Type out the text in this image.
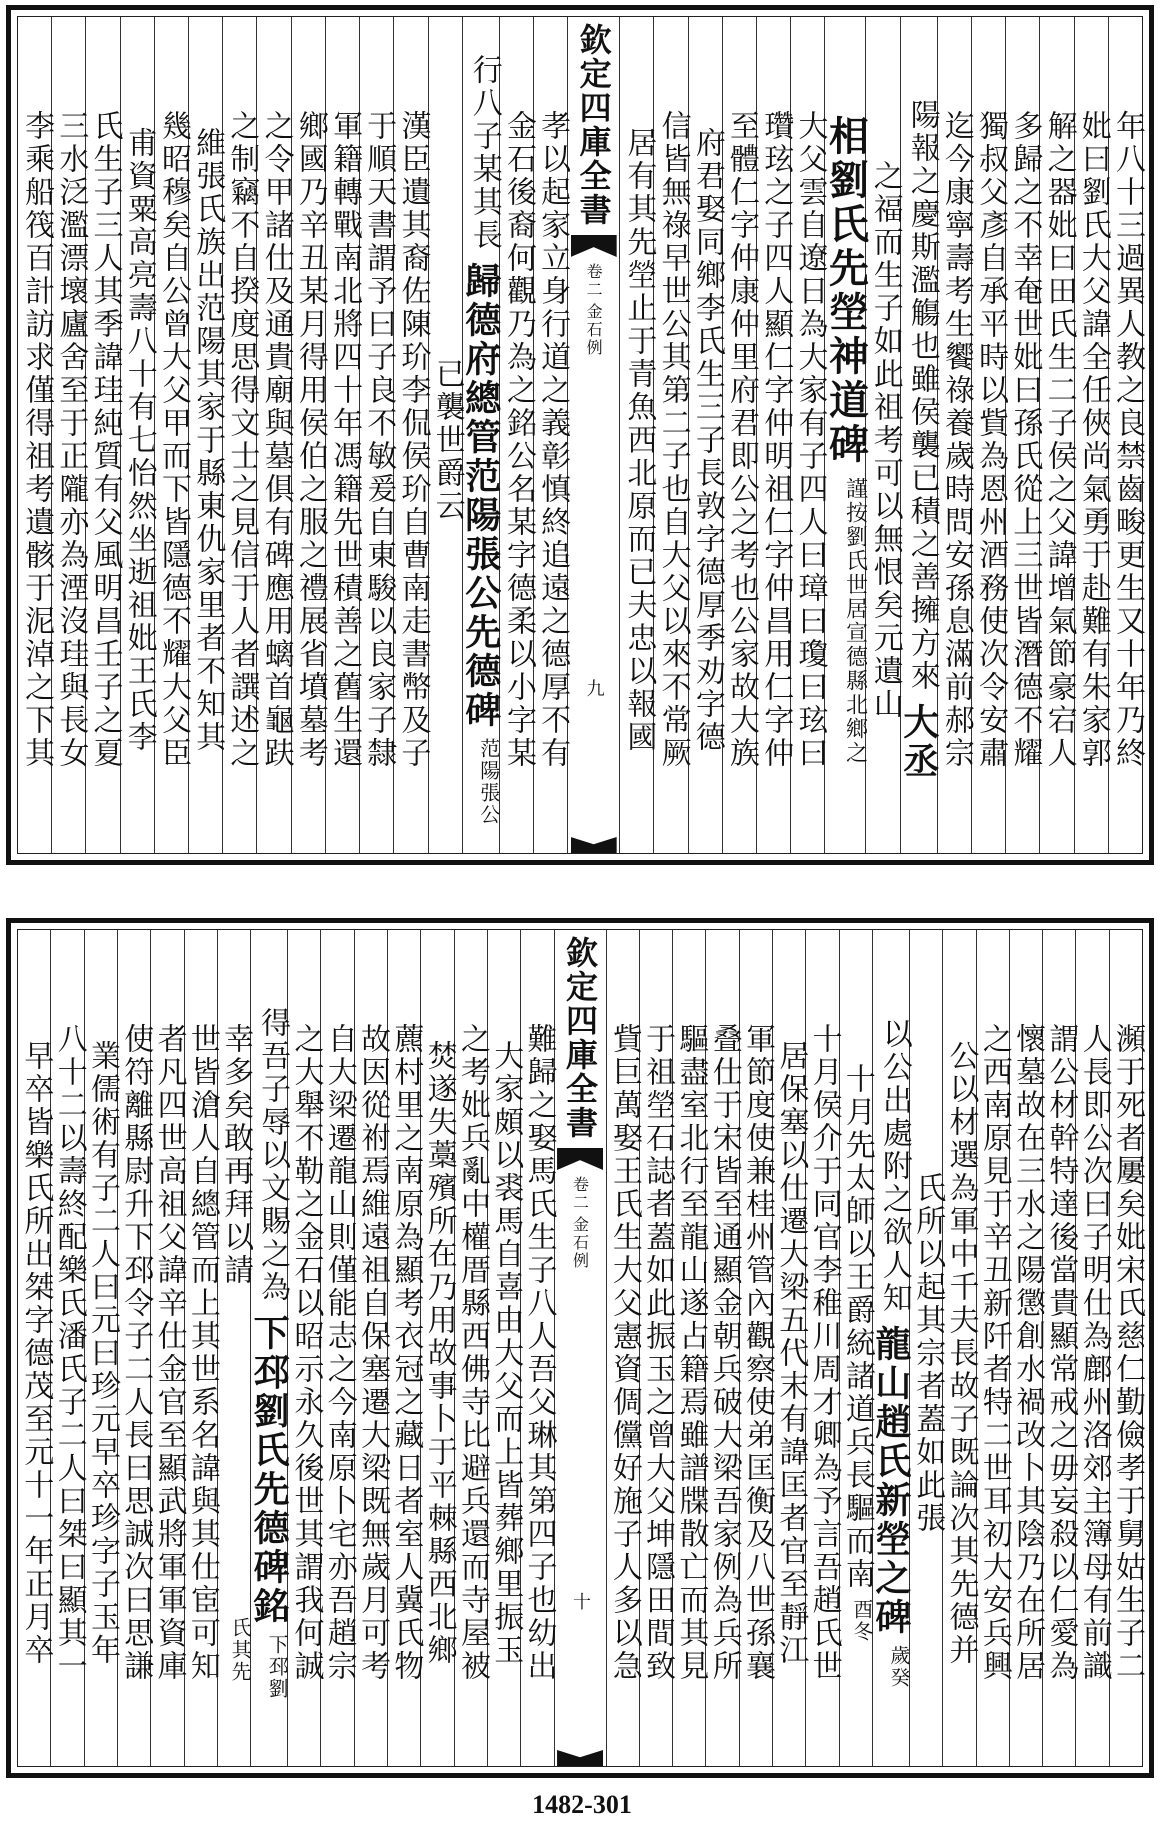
年八十三過異人教之良禁齒畯更生又十年乃終
妣曰劉氏大父諱全任俠尚氣勇于赴難有朱家郭
解之器妣曰田氏生二子侯之父諱增氣節豪宕人
多歸之不幸奄世妣曰孫氏從上三世皆潛德不耀
獨叔父彥自承平時以貲為恩州酒務使次令安肅
迄今康寧壽考生饗祿養歲時問安孫息滿前郝宗
陽報之慶斯濫觴也雖侯襲已積之善擁方來
大丞
之福而生子如此祖考可以無恨矣元遺山
相劉氏先塋神道碑
謹按劉氏世居宣德縣北鄉之
大父雲自遼日為大家有子四人曰璋曰瓊曰玹曰
瓚玹之子四人顯仁字仲明祖仁字仲昌用仁字仲
至體仁字仲康仲里府君即公之考也公家故大族
府君娶同鄉李氏生三子長敦字德厚季劝字德
信皆無祿早世公其第二子也自大父以來不常厥
居有其先塋止于青魚西北原而已夫忠以報國
欽定四庫全書
卷二
金石例
九
孝以起家立身行道之義彰慎終追遠之德厚不有
金石後裔何觀乃為之銘公名某字德柔以小字某
行八子某其長
歸德府總管范陽張公先德碑
范陽張公
已襲世爵云
漢臣遺其裔佐陳玠李侃侯玠自曹南走書幣及子
于順天書謂予曰子良不敏爰自東駿以良家子隸
軍籍轉戰南北將四十年馮籍先世積善之舊生還
鄉國乃辛丑某月得用侯伯之服之禮展省墳墓考
之令甲諸仕及通貴廟與墓俱有碑應用螭首龜趺
之制竊不自揆度思得文士之見信于人者譔述之
維張氏族出范陽其家于縣東仇家里者不知其
幾昭穆矣自公曾大父甲而下皆隱德不耀大父臣
甫資粟高亮壽八十有七怡然坐逝祖妣王氏李
氏生子三人其季諱珪純質有父風明昌壬子之夏
三水泛濫漂壞廬舍至于正隴亦為湮沒珪與長女
李乘船筏百計訪求僅得祖考遺骸于泥淖之下其
瀕于死者屢矣妣宋氏慈仁勤儉孝于舅姑生子二
人長即公次曰子明仕為鄜州洛郊主簿母有前識
謂公材幹特達後當貴顯常戒之毋妄殺以仁愛為
懷墓故在三水之陽懲創水禍改卜其陰乃在所居
之西南原見于辛丑新阡者特二世耳初大安兵興
公以材選為軍中千夫長故子既論次其先德并
氏所以起其宗者蓋如此張
以公出處附之欲人知
龍山趙氏新塋之碑
歲癸
十月先太師以王爵統諸道兵長驅而南
酉冬
十月侯介于同官李稚川周才卿為予言吾趙氏世
居保塞以仕遷大梁五代末有諱匡者官至靜江
軍節度使兼桂州管內觀察使弟匡衡及八世孫襄
叠仕于宋皆至通顯金朝兵破大梁吾家例為兵所
驅盡室北行至龍山遂占籍焉雖譜牒散亡而其見
于祖塋石誌者蓋如此振玉之曾大父坤隱田間致
貲巨萬娶王氏生大父憲資倜儻好施子人多以急
欽定四庫全書
卷二
金石例
十
難歸之娶馬氏生子八人吾父琳其第四子也幼出
大家頗以裘馬自喜由大父而上皆葬鄉里振玉
之考妣兵亂中權厝縣西佛寺比避兵還而寺屋被
焚遂失藁殯所在乃用故事卜于平棘縣西北鄉
藨村里之南原為顯考衣冠之藏日者室人冀氏物
故因從祔焉維遠祖自保塞遷大梁既無歲月可考
自大梁遷龍山則僅能志之今南原卜宅亦吾趙宗
之大舉不勒之金石以昭示永久後世其謂我何誠
得吾子辱以文賜之為
下邳劉氏先德碑銘
下邳劉
幸多矣敢再拜以請
氏其先
世皆滄人自總管而上其世系名諱與其仕宦可知
者凡四世高祖父諱辛仕金官至顯武將軍軍資庫
使符離縣尉升下邳令子二人長曰思誠次曰思謙
業儒術有子二人曰元曰珍元早卒珍字子玉年
八十二以壽終配樂氏潘氏子二人曰桀曰顯其一
早卒皆樂氏所出桀字德茂至元十一年正月卒
1482-301
